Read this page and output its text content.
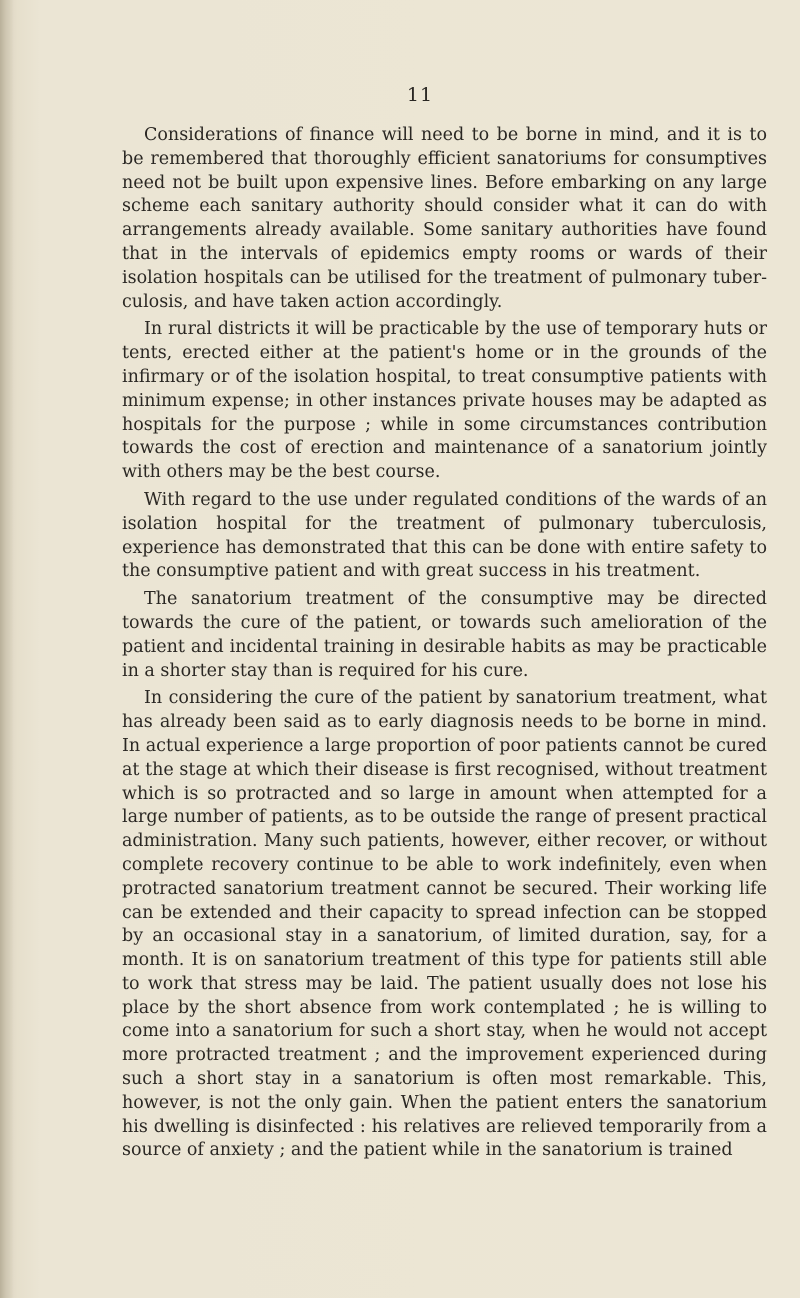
11

Considerations of finance will need to be borne in mind, and it is to be remembered that thoroughly efficient sanatoriums for consumptives need not be built upon expensive lines. Before embarking on any large scheme each sanitary authority should consider what it can do with arrangements already available. Some sanitary authorities have found that in the intervals of epidemics empty rooms or wards of their isolation hospitals can be utilised for the treatment of pulmonary tuberculosis, and have taken action accordingly.

In rural districts it will be practicable by the use of temporary huts or tents, erected either at the patient's home or in the grounds of the infirmary or of the isolation hospital, to treat consumptive patients with minimum expense; in other instances private houses may be adapted as hospitals for the purpose ; while in some circumstances contribution towards the cost of erection and maintenance of a sanatorium jointly with others may be the best course.

With regard to the use under regulated conditions of the wards of an isolation hospital for the treatment of pulmonary tuberculosis, experience has demonstrated that this can be done with entire safety to the consumptive patient and with great success in his treatment.

The sanatorium treatment of the consumptive may be directed towards the cure of the patient, or towards such amelioration of the patient and incidental training in desirable habits as may be practicable in a shorter stay than is required for his cure.

In considering the cure of the patient by sanatorium treatment, what has already been said as to early diagnosis needs to be borne in mind. In actual experience a large proportion of poor patients cannot be cured at the stage at which their disease is first recognised, without treatment which is so protracted and so large in amount when attempted for a large number of patients, as to be outside the range of present practical administration. Many such patients, however, either recover, or without complete recovery continue to be able to work indefinitely, even when protracted sanatorium treatment cannot be secured. Their working life can be extended and their capacity to spread infection can be stopped by an occasional stay in a sanatorium, of limited duration, say, for a month. It is on sanatorium treatment of this type for patients still able to work that stress may be laid. The patient usually does not lose his place by the short absence from work contemplated ; he is willing to come into a sanatorium for such a short stay, when he would not accept more protracted treatment ; and the improvement experienced during such a short stay in a sanatorium is often most remarkable. This, however, is not the only gain. When the patient enters the sanatorium his dwelling is disinfected : his relatives are relieved temporarily from a source of anxiety ; and the patient while in the sanatorium is trained
